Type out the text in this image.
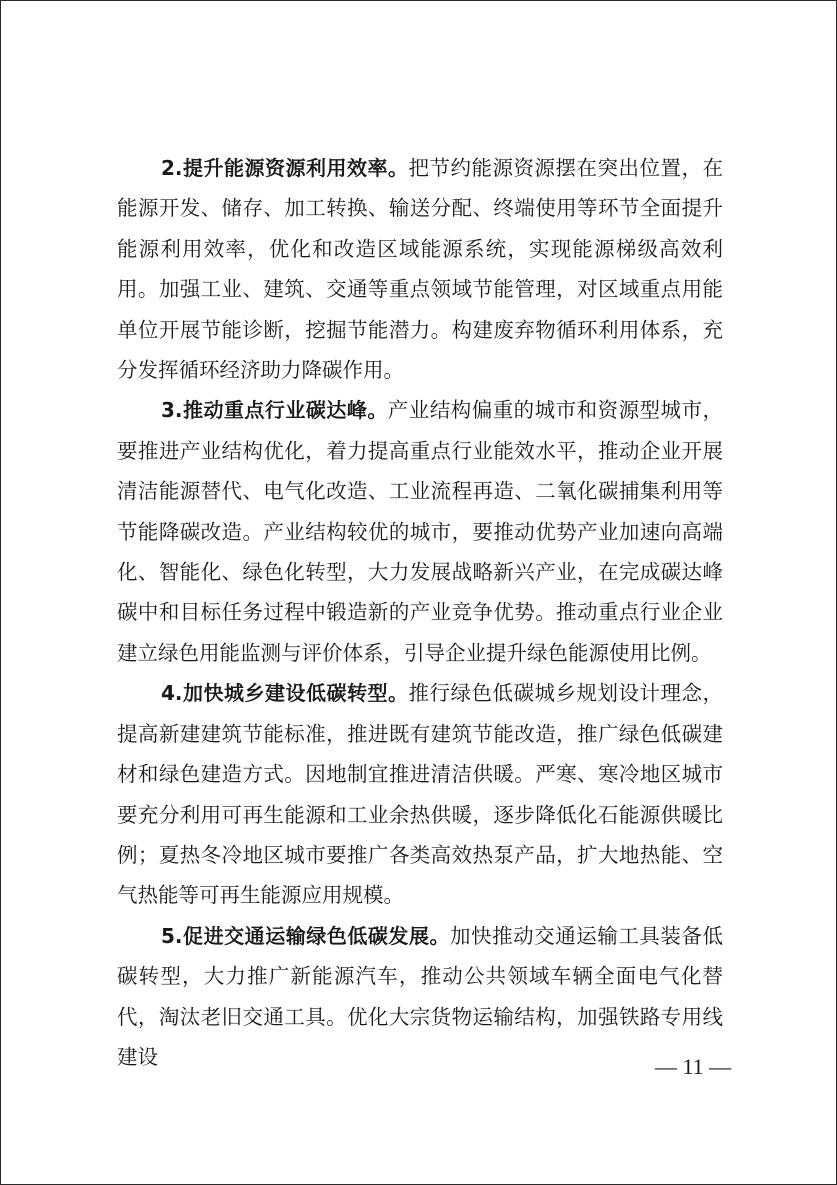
2.提升能源资源利用效率。把节约能源资源摆在突出位置，在能源开发、储存、加工转换、输送分配、终端使用等环节全面提升能源利用效率，优化和改造区域能源系统，实现能源梯级高效利用。加强工业、建筑、交通等重点领域节能管理，对区域重点用能单位开展节能诊断，挖掘节能潜力。构建废弃物循环利用体系，充分发挥循环经济助力降碳作用。

3.推动重点行业碳达峰。产业结构偏重的城市和资源型城市，要推进产业结构优化，着力提高重点行业能效水平，推动企业开展清洁能源替代、电气化改造、工业流程再造、二氧化碳捕集利用等节能降碳改造。产业结构较优的城市，要推动优势产业加速向高端化、智能化、绿色化转型，大力发展战略新兴产业，在完成碳达峰碳中和目标任务过程中锻造新的产业竞争优势。推动重点行业企业建立绿色用能监测与评价体系，引导企业提升绿色能源使用比例。

4.加快城乡建设低碳转型。推行绿色低碳城乡规划设计理念，提高新建建筑节能标准，推进既有建筑节能改造，推广绿色低碳建材和绿色建造方式。因地制宜推进清洁供暖。严寒、寒冷地区城市要充分利用可再生能源和工业余热供暖，逐步降低化石能源供暖比例；夏热冬冷地区城市要推广各类高效热泵产品，扩大地热能、空气热能等可再生能源应用规模。

5.促进交通运输绿色低碳发展。加快推动交通运输工具装备低碳转型，大力推广新能源汽车，推动公共领域车辆全面电气化替代，淘汰老旧交通工具。优化大宗货物运输结构，加强铁路专用线建设	— 11 —
